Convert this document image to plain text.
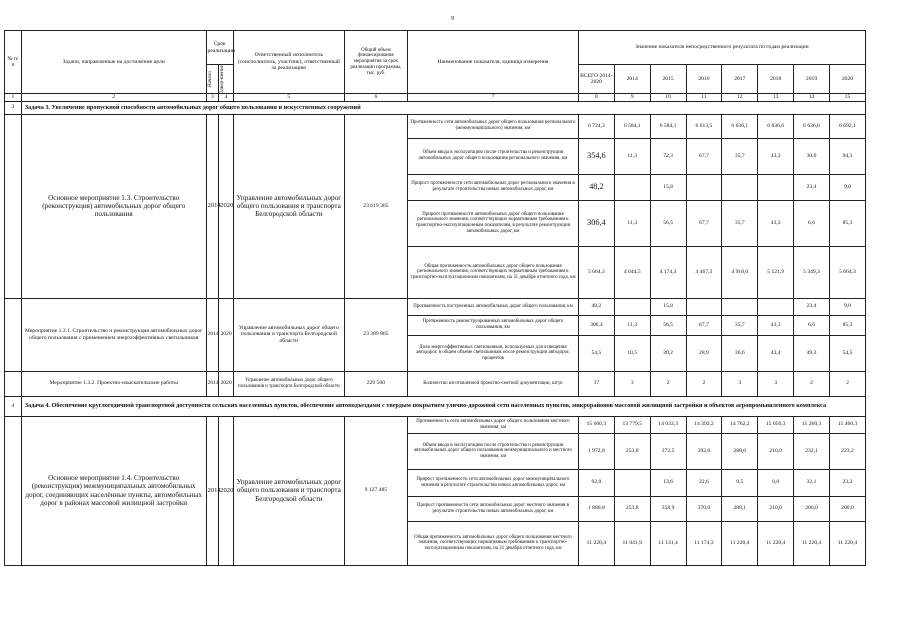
9
№ п/п	Задачи, направленные на достижение цели	Срок реализации		Ответственный исполнитель (соисполнитель, участник), ответственный за реализацию	Общий объем финансирования мероприятия за срок реализации программы, тыс. руб.	Наименование показателя, единица измерения	Значение показателя непосредственного результата по годам реализации							

		Начало	Завер-шение				ВСЕГО 2014-2020	2014	2015	2016	2017	2018	2019	2020
1	2	3	4	5	6	7	8	9	10	11	12	13	14	15
3	Задача 3. Увеличение пропускной способности автомобильных дорог общего пользования и искусственных сооружений													
	Основное мероприятие 1.3. Строительство (реконструкция) автомобильных дорог общего пользования	2014	2020	Управление автомобильных дорог общего пользования и транспорта Белгородской области	23 619 365	Протяженность сети автомобильных дорог общего пользования регионального (межмуниципального) значения, км	6 724,3	6 584,1	6 584,1	6 613,5	6 636,1	6 636,6	6 636,6	6 692,1
						Объем ввода в эксплуатацию после строительства и реконструкции автомобильных дорог общего пользования регионального значения, км	354,6	11,3	72,3	67,7	35,7	43,3	30,0	94,3
						Прирост протяженности сети автомобильных дорог регионального значения в результате строительства новых автомобильных дорог, км	48,2		15,8				23,4	9,0
						Прирост протяженности автомобильных дорог общего пользования регионального значения, соответствующих нормативным требованиям к транспортно-эксплуатационным показателям, в результате реконструкции автомобильных дорог, км	306,4	11,3	56,5	67,7	35,7	43,3	6,6	85,3
						Общая протяженность автомобильных дорог общего пользования регионального значения, соответствующих нормативным требованиям к транспортно-эксплуатационным показателям, на 31 декабря отчетного года, км	5 664,3	4 044,5	4 174,3	4 467,3	4 910,0	5 121,9	5 349,3	5 664,3
	Мероприятие 1.3.1. Строительство и реконструкция автомобильных дорог общего пользования с применением энергоэффективных светильников	2014	2020	Управление автомобильных дорог общего пользования и транспорта Белгородской области	23 389 865	Протяженность построенных автомобильных дорог общего пользования, км	48,2		15,8				23,4	9,0
						Протяженность реконструированных автомобильных дорог общего пользования, км	306,4	11,3	56,5	67,7	35,7	43,3	6,6	85,3
						Доля энергоэффективных светильников, используемых для освещения автодорог, в общем объеме светильников после реконструкции автодорог, процентов	54,5	10,5	20,2	28,9	36,6	43,4	49,3	54,5
	Мероприятие 1.3.2. Проектно-изыскательские работы	2014	2020	Управление автомобильных дорог общего пользования и транспорта Белгородской области	229 500	Количество изготовленной проектно-сметной документации, штук	17	3	2	2	3	3	2	2
4	Задача 4. Обеспечение круглогодичной транспортной доступности сельских населенных пунктов, обеспечение автоподъездами с твердым покрытием улично-дорожной сети населенных пунктов, микрорайонов массовой жилищной застройки и объектов агропромышленного комплекса													
	Основное мероприятие 1.4. Строительство (реконструкция) межмуниципальных автомобильных дорог, соединяющих населённые пункты, автомобильных дорог в районах массовой жилищной застройки	2014	2020	Управление автомобильных дорог общего пользования и транспорта Белгородской области	9 127 485	Протяженность сети автомобильных дорог общего пользования местного значения, км	15 660,3	13 779,5	14 033,3	14 392,2	14 762,2	15 050,3	15 260,3	15 460,3
						Объем ввода в эксплуатацию после строительства и реконструкции автомобильных дорог общего пользования межмуниципального и местного значения, км	1 972,8	253,8	372,5	392,6	288,6	210,0	232,1	223,2
						Прирост протяженности сети автомобильных дорог межмуниципального значения в результате строительства новых автомобильных дорог, км	92,0		13,6	22,6	0,5	0,0	32,1	23,2
						Прирост протяженности сети автомобильных дорог местного значения в результате строительства новых автомобильных дорог, км	1 880,8	253,8	358,9	370,0	288,1	210,0	200,0	200,0
						Общая протяженность автомобильных дорог общего пользования местного значения, соответствующих нормативным требованиям к транспортно-эксплуатационным показателям, на 31 декабря отчетного года, км	11 220,4	11 041,9	11 131,4	11 174,3	11 220,4	11 220,4	11 220,4	11 220,4
